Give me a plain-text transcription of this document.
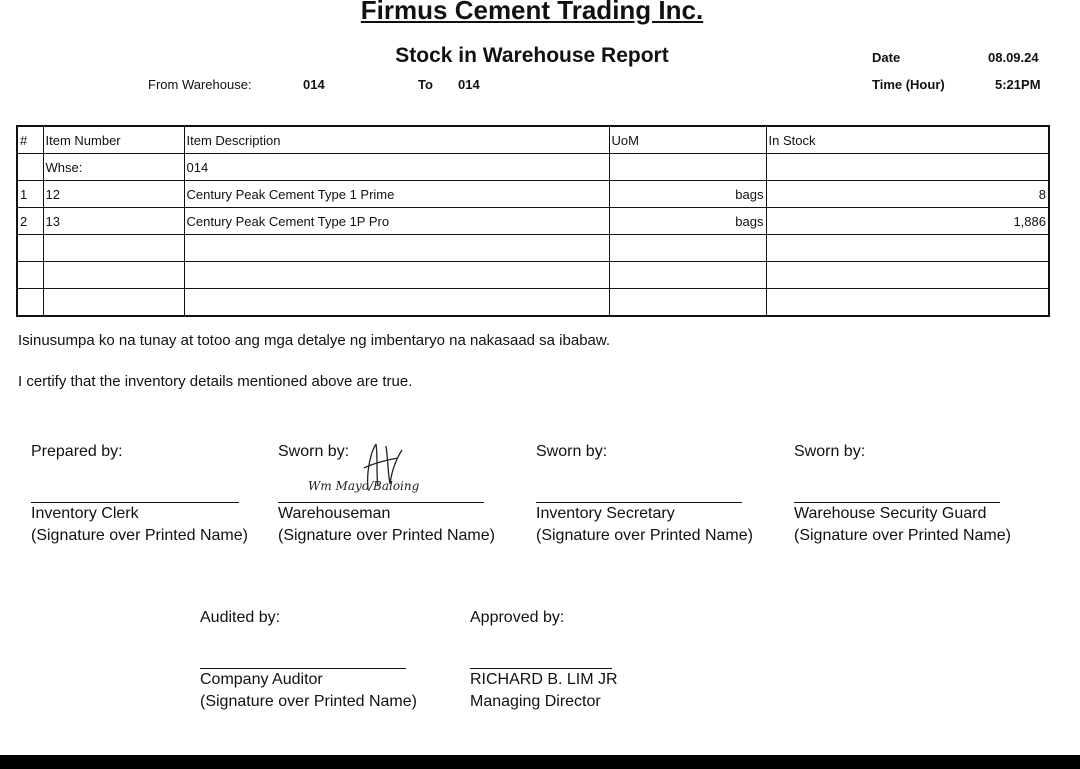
Firmus Cement Trading Inc.
Stock in Warehouse Report	Date	08.09.24
Time (Hour)	5:21PM
From Warehouse:	014	To 014
#	Item Number	Item Description	UoM	In Stock
	Whse:	014		
1	12	Century Peak Cement Type 1 Prime	bags	8
2	13	Century Peak Cement Type 1P Pro	bags	1,886

Isinusumpa ko na tunay at totoo ang mga detalye ng imbentaryo na nakasaad sa ibabaw.
I certify that the inventory details mentioned above are true.
Prepared by:
Inventory Clerk
(Signature over Printed Name)
Sworn by:
Wm Mayo/Baloing
Warehouseman
(Signature over Printed Name)
Sworn by:
Inventory Secretary
(Signature over Printed Name)
Sworn by:
Warehouse Security Guard
(Signature over Printed Name)
Audited by:
Company Auditor
(Signature over Printed Name)
Approved by:
RICHARD B. LIM JR
Managing Director
